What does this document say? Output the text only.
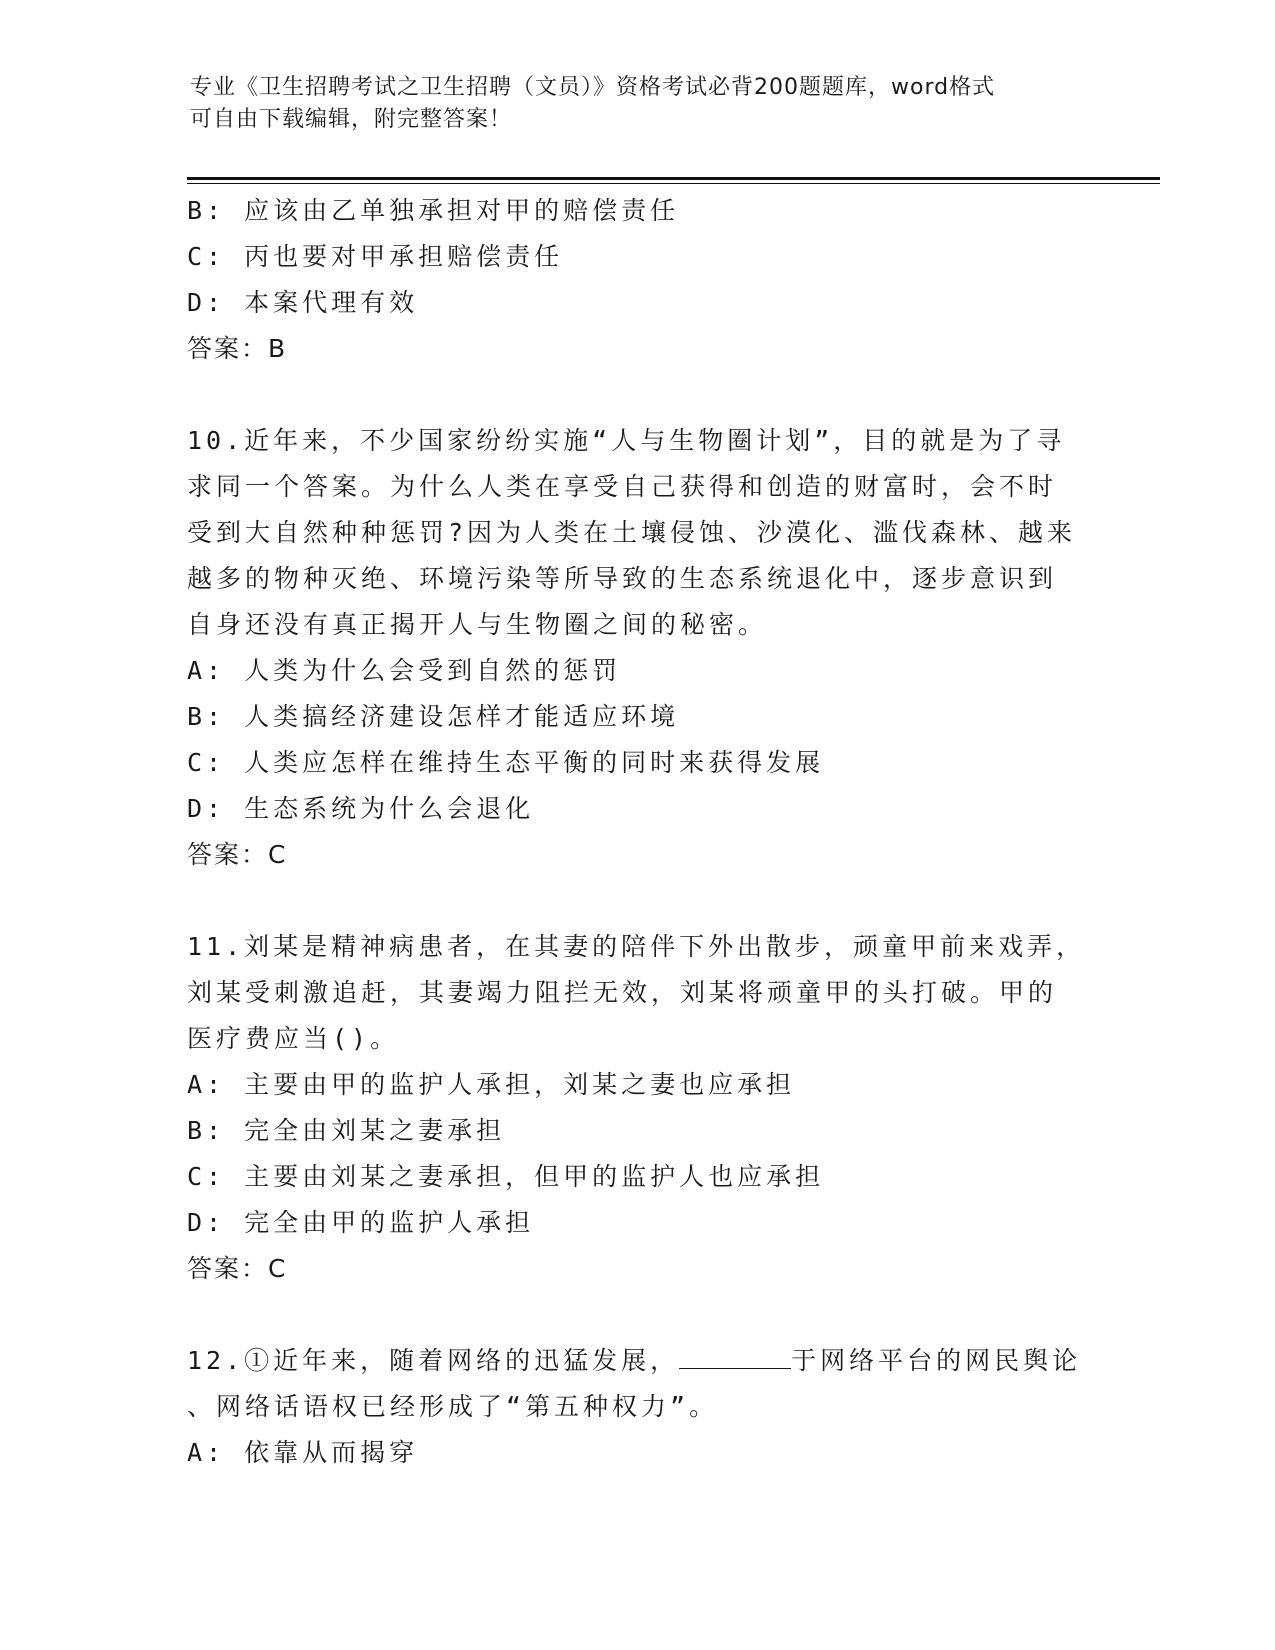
专业《卫生招聘考试之卫生招聘（文员）》资格考试必背200题题库，word格式
可自由下载编辑，附完整答案！
B: 应该由乙单独承担对甲的赔偿责任
C: 丙也要对甲承担赔偿责任
D: 本案代理有效
答案：B
10.近年来，不少国家纷纷实施“人与生物圈计划”，目的就是为了寻
求同一个答案。为什么人类在享受自己获得和创造的财富时，会不时
受到大自然种种惩罚?因为人类在土壤侵蚀、沙漠化、滥伐森林、越来
越多的物种灭绝、环境污染等所导致的生态系统退化中，逐步意识到
自身还没有真正揭开人与生物圈之间的秘密。
A: 人类为什么会受到自然的惩罚
B: 人类搞经济建设怎样才能适应环境
C: 人类应怎样在维持生态平衡的同时来获得发展
D: 生态系统为什么会退化
答案：C
11.刘某是精神病患者，在其妻的陪伴下外出散步，顽童甲前来戏弄，
刘某受刺激追赶，其妻竭力阻拦无效，刘某将顽童甲的头打破。甲的
医疗费应当()。
A: 主要由甲的监护人承担，刘某之妻也应承担
B: 完全由刘某之妻承担
C: 主要由刘某之妻承担，但甲的监护人也应承担
D: 完全由甲的监护人承担
答案：C
12.①近年来，随着网络的迅猛发展，	于网络平台的网民舆论
、网络话语权已经形成了“第五种权力”。
A: 依靠从而揭穿
